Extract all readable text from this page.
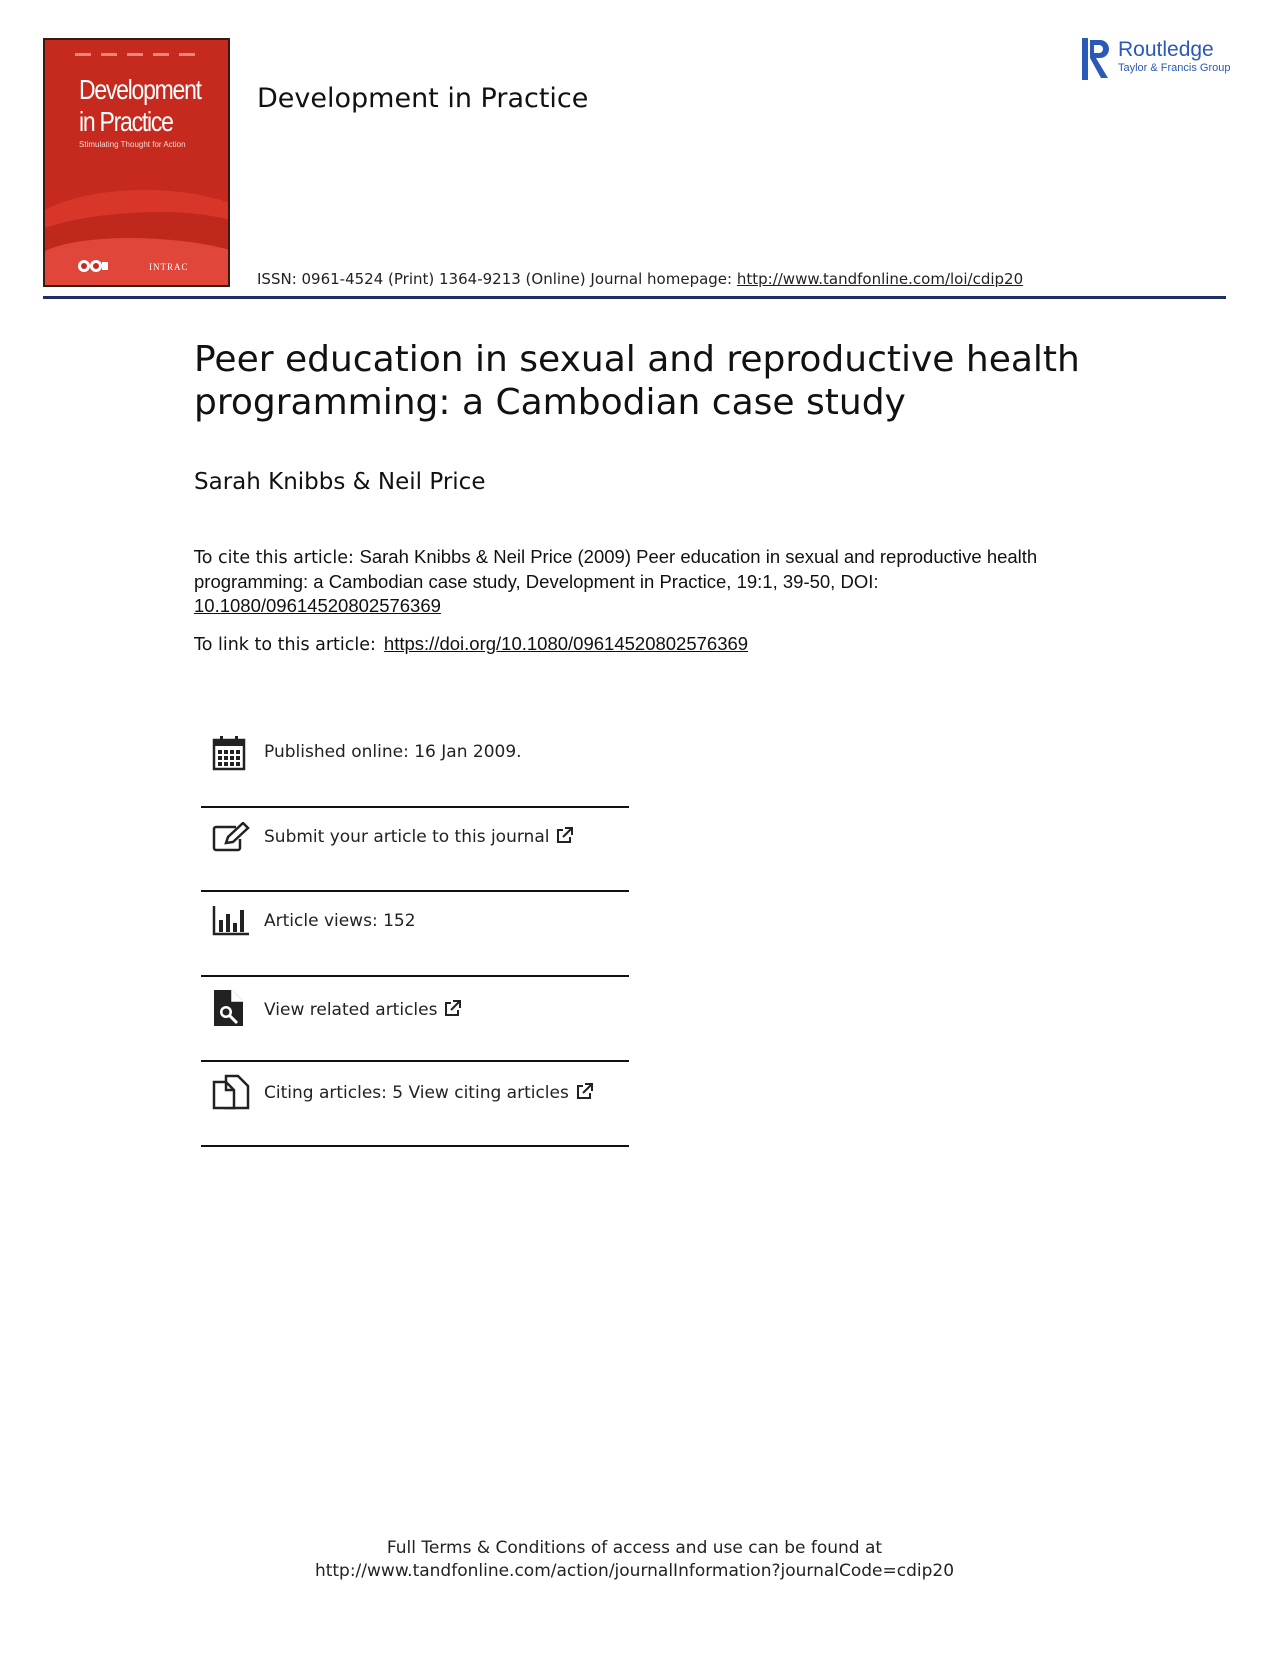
Development
in Practice
Stimulating Thought for Action
INTRAC
Development in Practice
Routledge
Taylor & Francis Group
ISSN: 0961-4524 (Print) 1364-9213 (Online) Journal homepage: http://www.tandfonline.com/loi/cdip20
Peer education in sexual and reproductive health programming: a Cambodian case study
Sarah Knibbs & Neil Price
To cite this article: Sarah Knibbs & Neil Price (2009) Peer education in sexual and reproductive health programming: a Cambodian case study, Development in Practice, 19:1, 39-50, DOI: 10.1080/09614520802576369
To link to this article: https://doi.org/10.1080/09614520802576369
Published online: 16 Jan 2009.
Submit your article to this journal
Article views: 152
View related articles
Citing articles: 5 View citing articles
Full Terms & Conditions of access and use can be found at
http://www.tandfonline.com/action/journalInformation?journalCode=cdip20
